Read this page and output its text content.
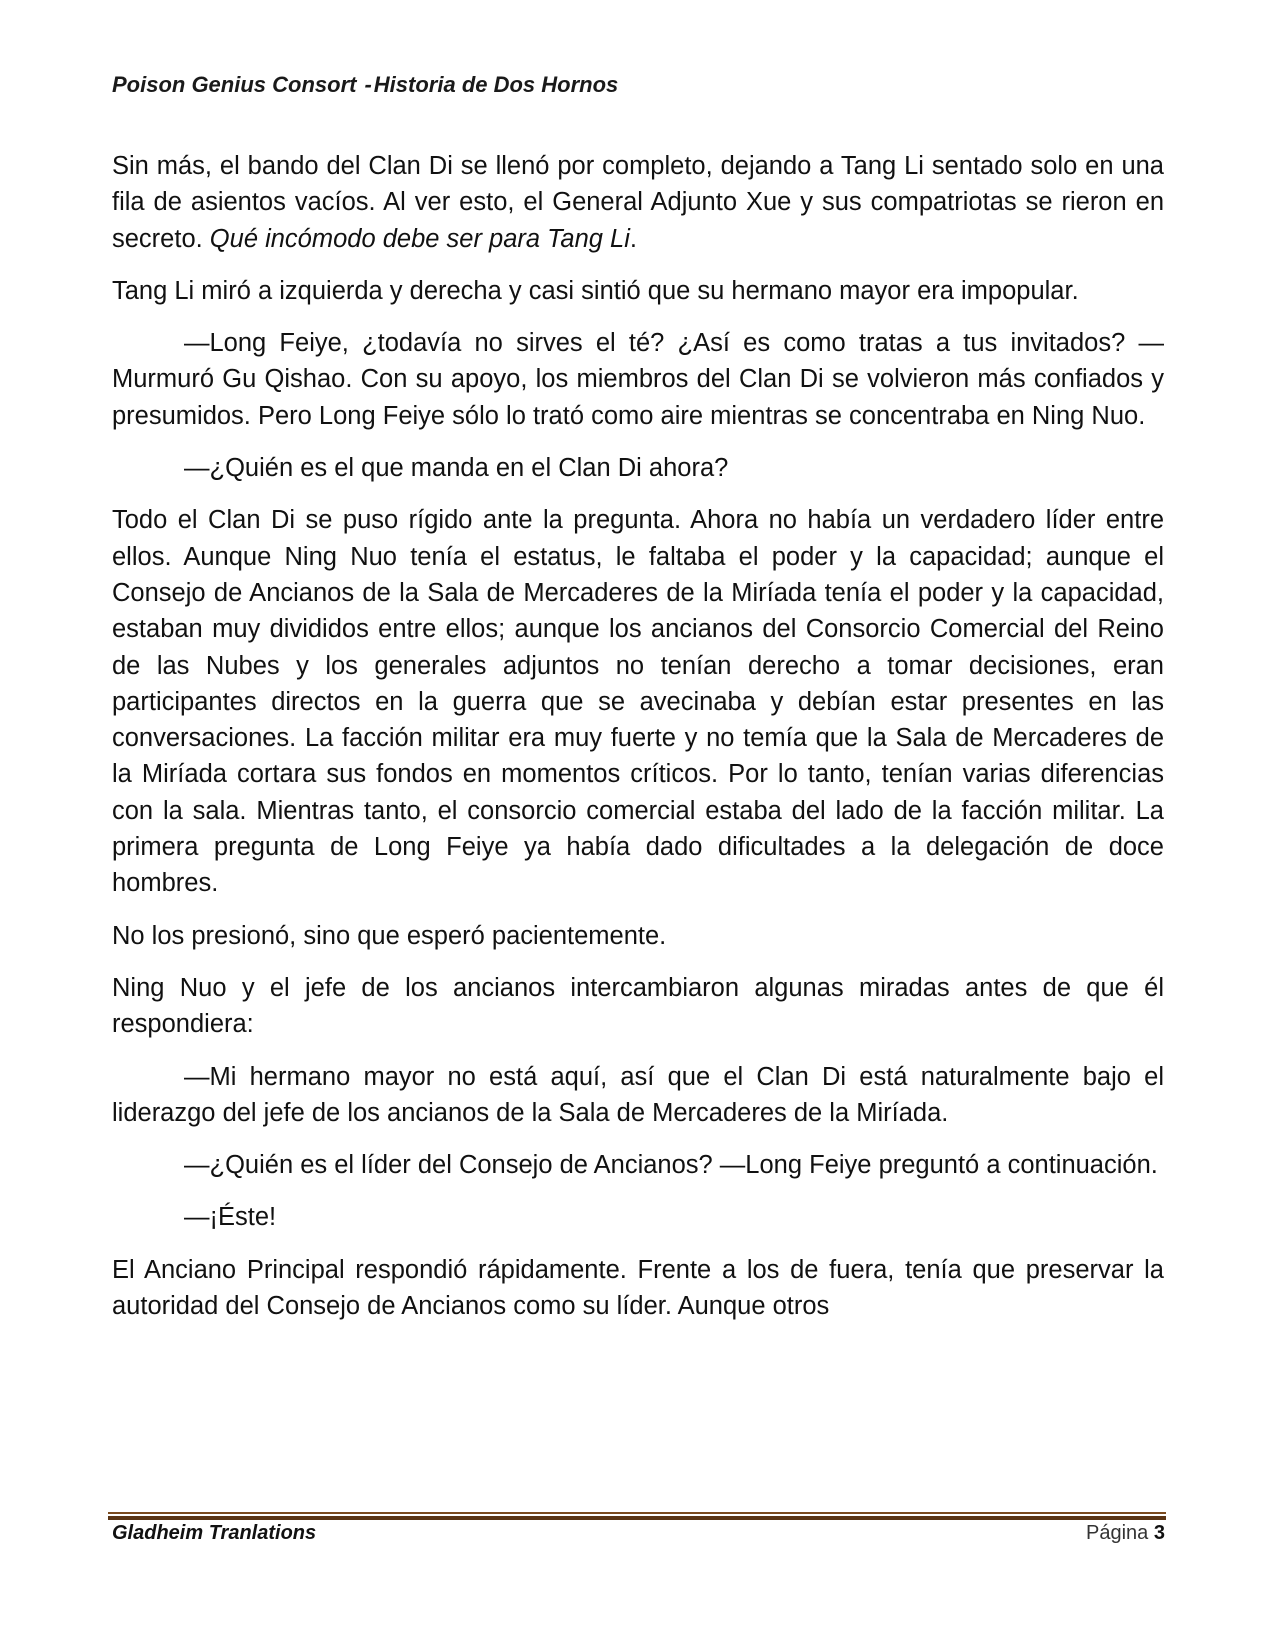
Poison Genius Consort -Historia de Dos Hornos

Sin más, el bando del Clan Di se llenó por completo, dejando a Tang Li sentado solo en una fila de asientos vacíos. Al ver esto, el General Adjunto Xue y sus compatriotas se rieron en secreto. Qué incómodo debe ser para Tang Li.

Tang Li miró a izquierda y derecha y casi sintió que su hermano mayor era impopular.

—Long Feiye, ¿todavía no sirves el té? ¿Así es como tratas a tus invitados? —Murmuró Gu Qishao. Con su apoyo, los miembros del Clan Di se volvieron más confiados y presumidos. Pero Long Feiye sólo lo trató como aire mientras se concentraba en Ning Nuo.

—¿Quién es el que manda en el Clan Di ahora?

Todo el Clan Di se puso rígido ante la pregunta. Ahora no había un verdadero líder entre ellos. Aunque Ning Nuo tenía el estatus, le faltaba el poder y la capacidad; aunque el Consejo de Ancianos de la Sala de Mercaderes de la Miríada tenía el poder y la capacidad, estaban muy divididos entre ellos; aunque los ancianos del Consorcio Comercial del Reino de las Nubes y los generales adjuntos no tenían derecho a tomar decisiones, eran participantes directos en la guerra que se avecinaba y debían estar presentes en las conversaciones. La facción militar era muy fuerte y no temía que la Sala de Mercaderes de la Miríada cortara sus fondos en momentos críticos. Por lo tanto, tenían varias diferencias con la sala. Mientras tanto, el consorcio comercial estaba del lado de la facción militar. La primera pregunta de Long Feiye ya había dado dificultades a la delegación de doce hombres.

No los presionó, sino que esperó pacientemente.

Ning Nuo y el jefe de los ancianos intercambiaron algunas miradas antes de que él respondiera:

—Mi hermano mayor no está aquí, así que el Clan Di está naturalmente bajo el liderazgo del jefe de los ancianos de la Sala de Mercaderes de la Miríada.

—¿Quién es el líder del Consejo de Ancianos? —Long Feiye preguntó a continuación.

—¡Éste!

El Anciano Principal respondió rápidamente. Frente a los de fuera, tenía que preservar la autoridad del Consejo de Ancianos como su líder. Aunque otros

Gladheim Tranlations	Página 3
